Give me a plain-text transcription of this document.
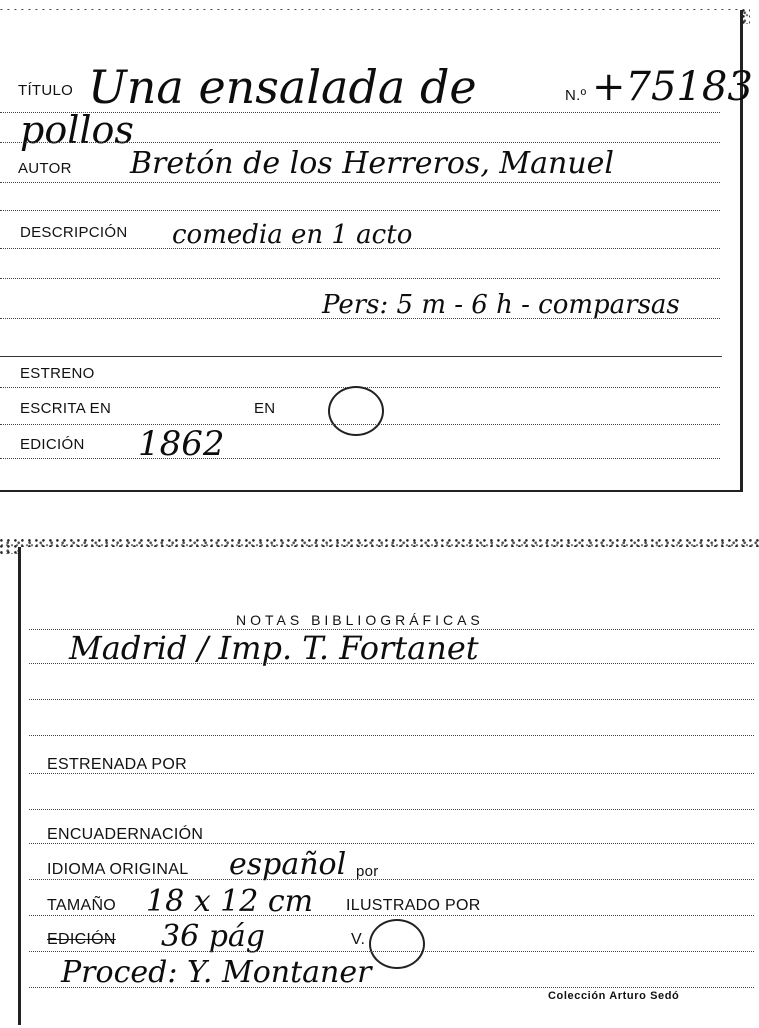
TÍTULO Una ensalada de	N.º +75183
pollos
AUTOR Bretón de los Herreros, Manuel
DESCRIPCIÓN comedia en 1 acto
Pers: 5 m - 6 h - comparsas
ESTRENO
ESCRITA EN	EN
EDICIÓN 1862
NOTAS BIBLIOGRÁFICAS
Madrid / Imp. T. Fortanet
ESTRENADA POR
ENCUADERNACIÓN
IDIOMA ORIGINAL español por
TAMAÑO 18 x 12 cm ILUSTRADO POR
EDICIÓN 36 pág	V.
Proced: Y. Montaner
Colección Arturo Sedó
